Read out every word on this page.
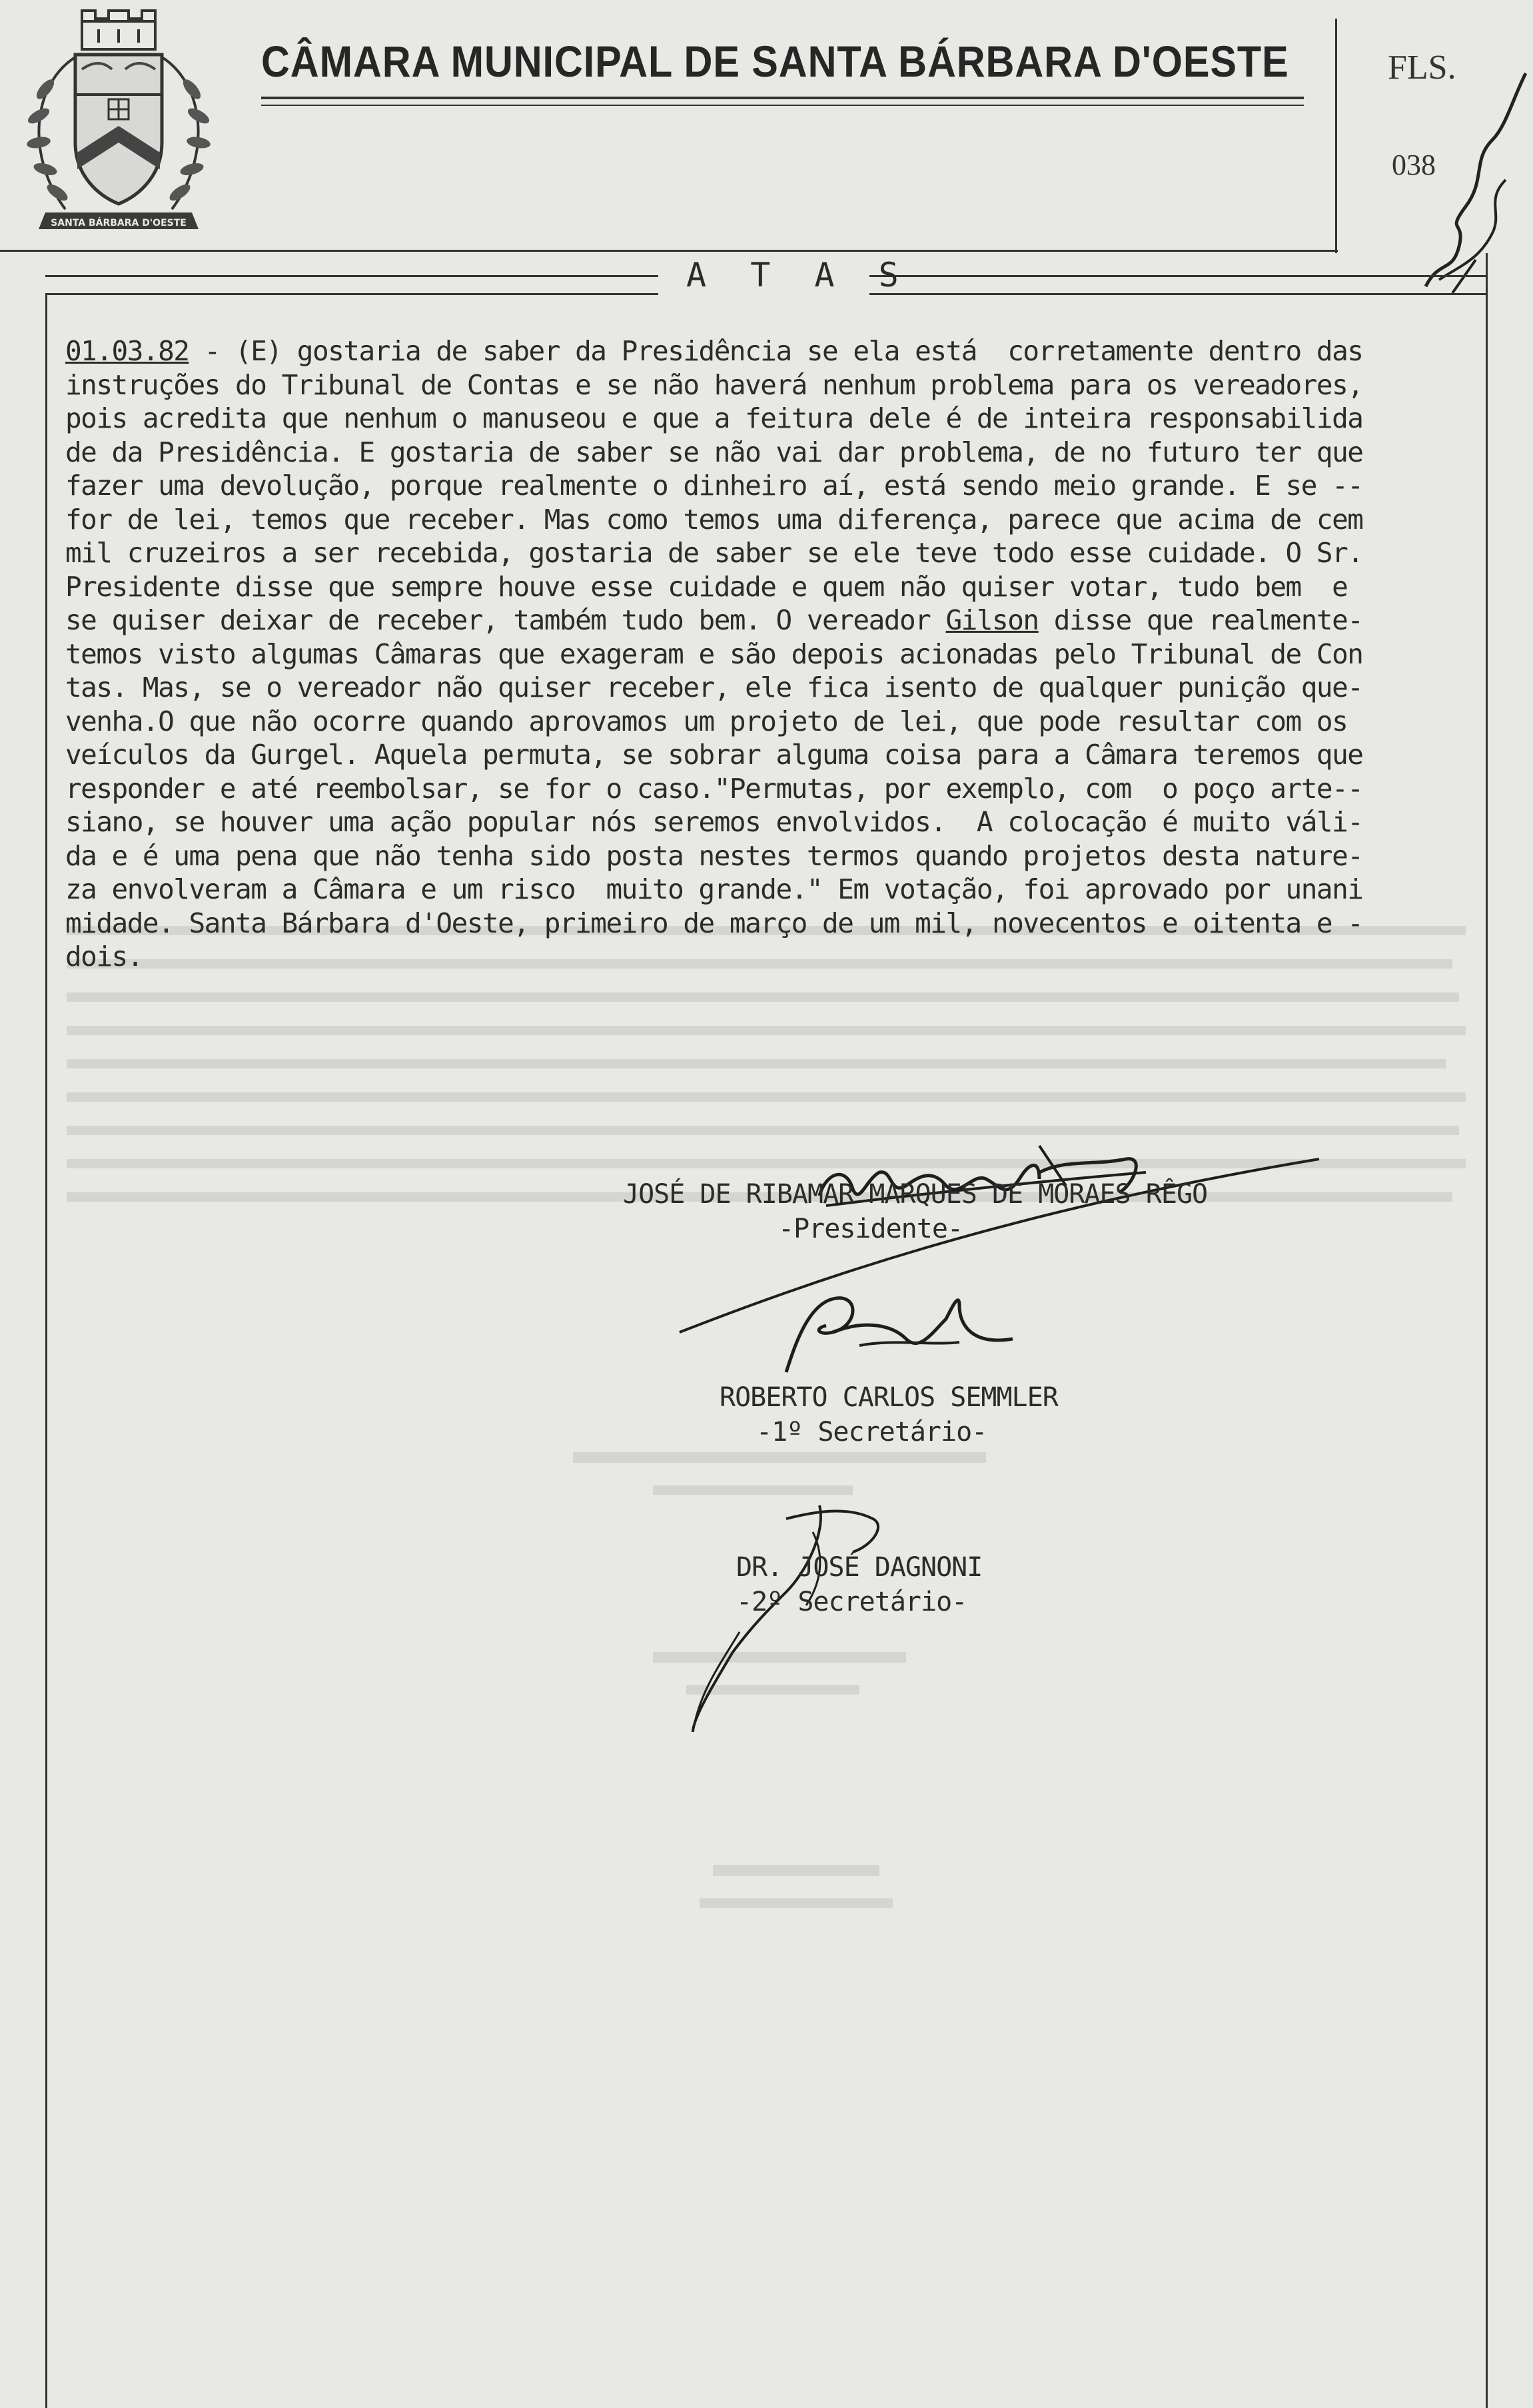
SANTA BÁRBARA D'OESTE
CÂMARA MUNICIPAL DE SANTA BÁRBARA D'OESTE	FLS.
038
A T A S
01.03.82 - (E) gostaria de saber da Presidência se ela está  corretamente dentro das
instruções do Tribunal de Contas e se não haverá nenhum problema para os vereadores,
pois acredita que nenhum o manuseou e que a feitura dele é de inteira responsabilida
de da Presidência. E gostaria de saber se não vai dar problema, de no futuro ter que
fazer uma devolução, porque realmente o dinheiro aí, está sendo meio grande. E se --
for de lei, temos que receber. Mas como temos uma diferença, parece que acima de cem
mil cruzeiros a ser recebida, gostaria de saber se ele teve todo esse cuidade. O Sr.
Presidente disse que sempre houve esse cuidade e quem não quiser votar, tudo bem  e
se quiser deixar de receber, também tudo bem. O vereador Gilson disse que realmente-
temos visto algumas Câmaras que exageram e são depois acionadas pelo Tribunal de Con
tas. Mas, se o vereador não quiser receber, ele fica isento de qualquer punição que-
venha.O que não ocorre quando aprovamos um projeto de lei, que pode resultar com os
veículos da Gurgel. Aquela permuta, se sobrar alguma coisa para a Câmara teremos que
responder e até reembolsar, se for o caso."Permutas, por exemplo, com  o poço arte--
siano, se houver uma ação popular nós seremos envolvidos.  A colocação é muito váli-
da e é uma pena que não tenha sido posta nestes termos quando projetos desta nature-
za envolveram a Câmara e um risco  muito grande." Em votação, foi aprovado por unani
midade. Santa Bárbara d'Oeste, primeiro de março de um mil, novecentos e oitenta e -
dois.
JOSÉ DE RIBAMAR MARQUES DE MORAES RÊGO
-Presidente-
ROBERTO CARLOS SEMMLER
-1º Secretário-
DR. JOSÉ DAGNONI
-2º Secretário-
